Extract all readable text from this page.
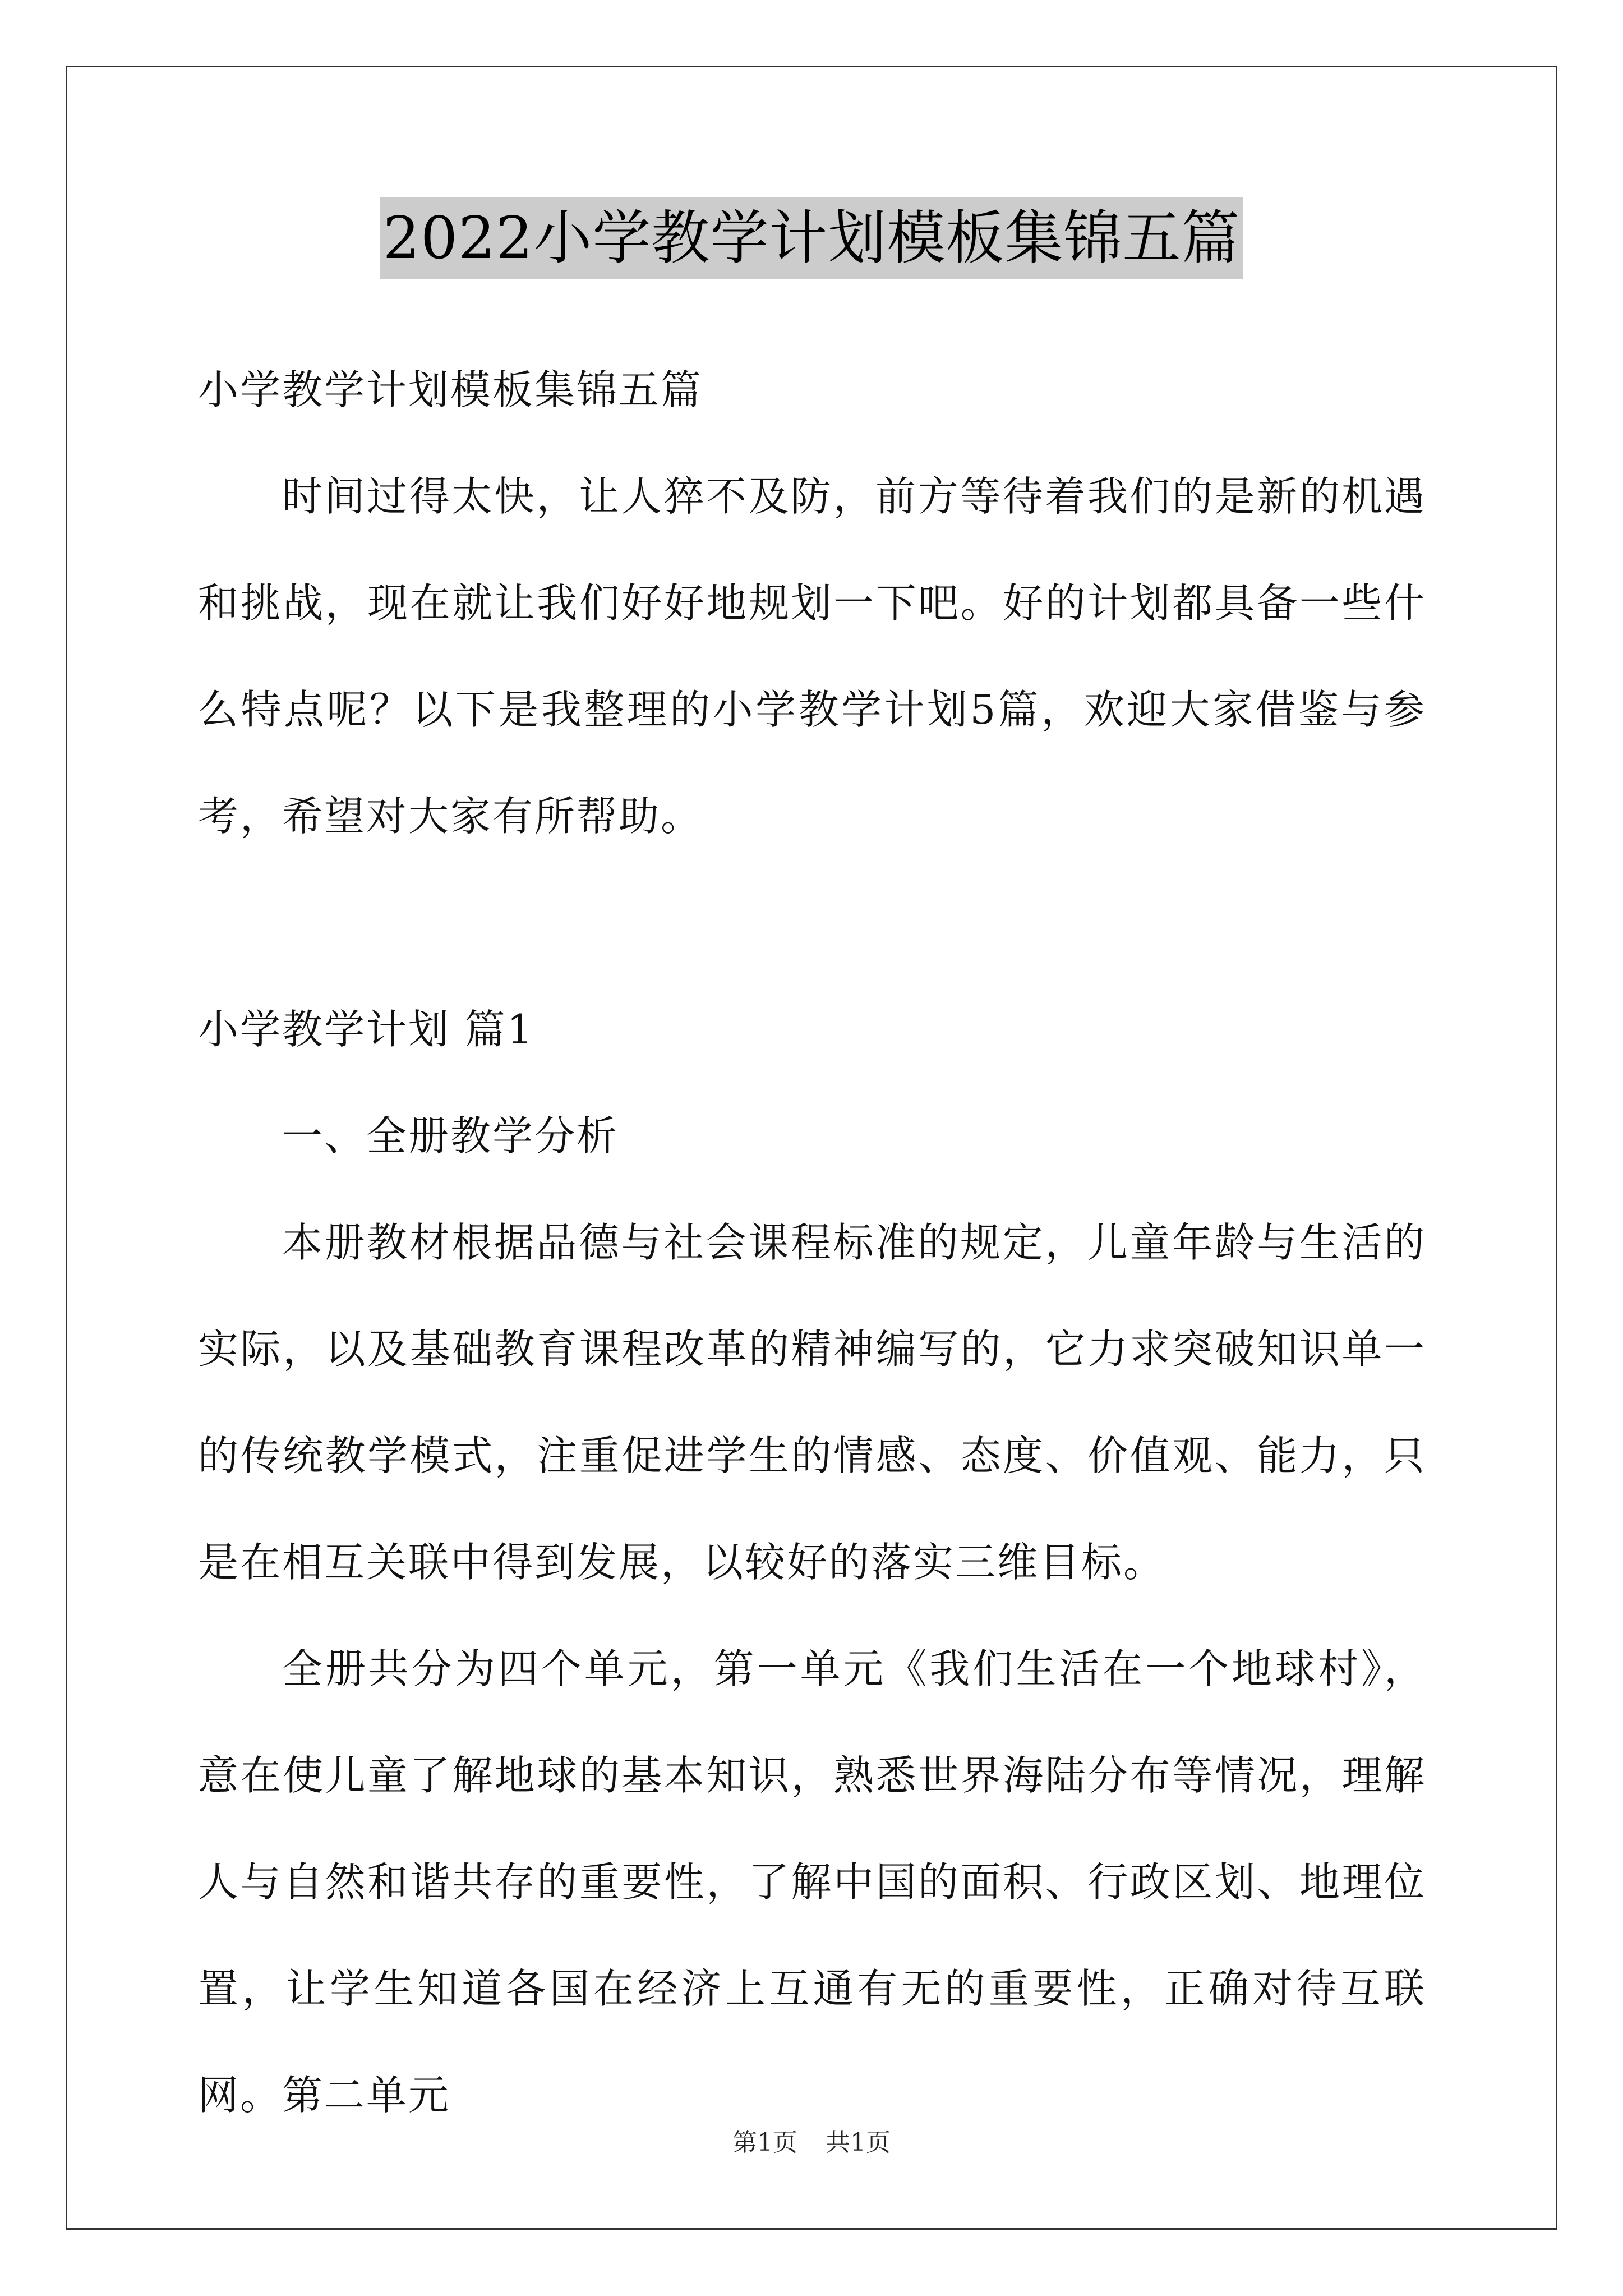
2022小学教学计划模板集锦五篇

小学教学计划模板集锦五篇

时间过得太快，让人猝不及防，前方等待着我们的是新的机遇和挑战，现在就让我们好好地规划一下吧。好的计划都具备一些什么特点呢？以下是我整理的小学教学计划5篇，欢迎大家借鉴与参考，希望对大家有所帮助。

小学教学计划 篇1

一、全册教学分析

本册教材根据品德与社会课程标准的规定，儿童年龄与生活的实际，以及基础教育课程改革的精神编写的，它力求突破知识单一的传统教学模式，注重促进学生的情感、态度、价值观、能力，只是在相互关联中得到发展，以较好的落实三维目标。

全册共分为四个单元，第一单元《我们生活在一个地球村》，意在使儿童了解地球的基本知识，熟悉世界海陆分布等情况，理解人与自然和谐共存的重要性，了解中国的面积、行政区划、地理位置，让学生知道各国在经济上互通有无的重要性，正确对待互联网。第二单元

第1页 共1页
